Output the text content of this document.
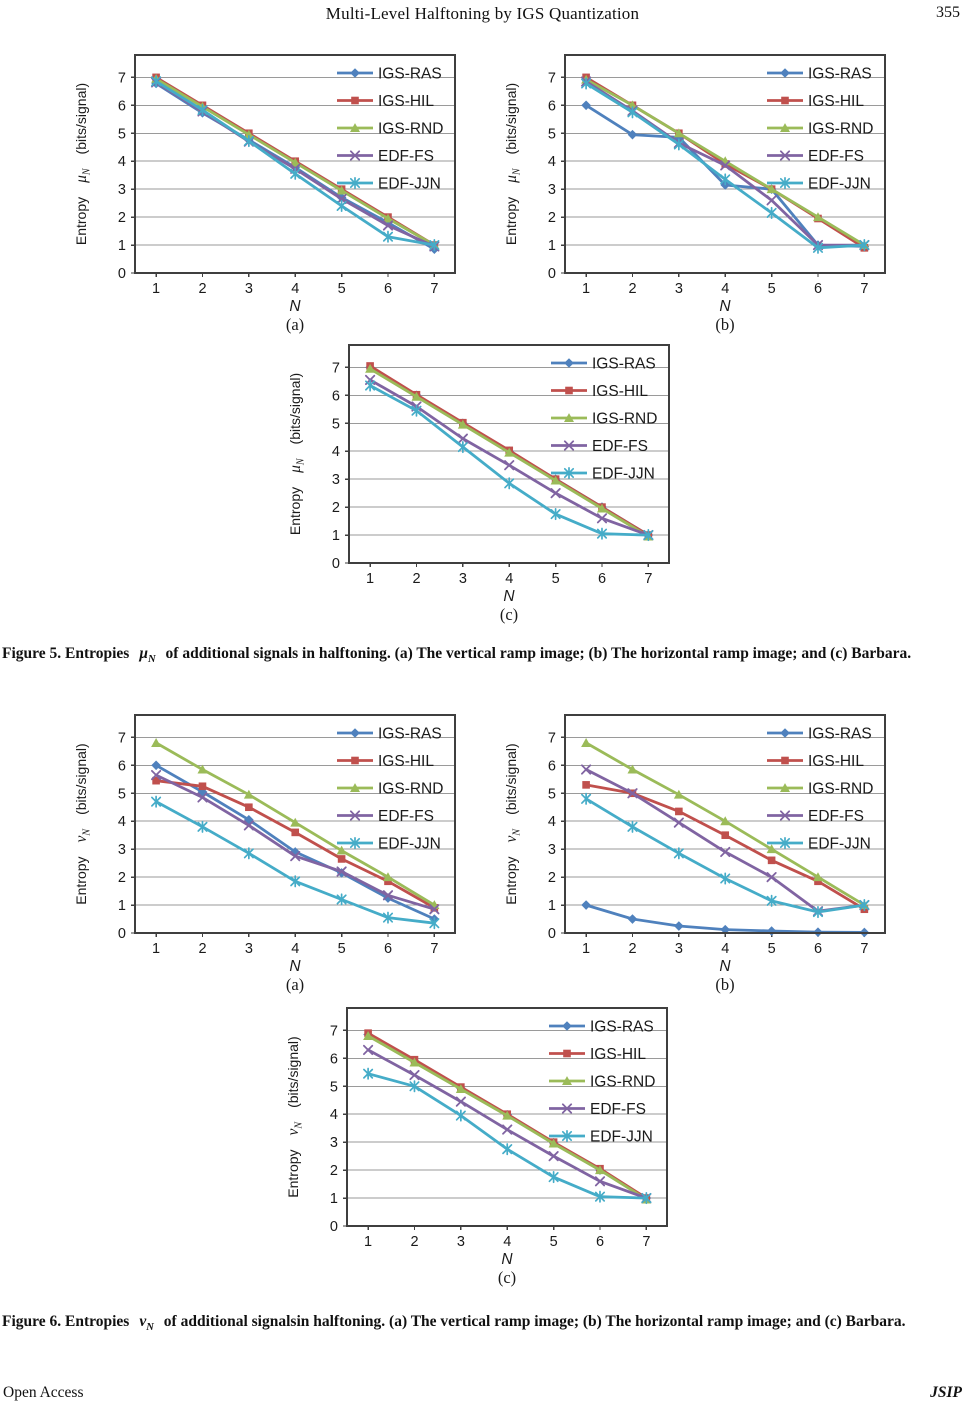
Multi-Level Halftoning by IGS Quantization	355
0
1
2
3
4
5
6
7
1	2	3	4	5	6	7
IGS-RAS
IGS-HIL
IGS-RND
EDF-FS
EDF-JJN
N
Entropy  $\mu_N$  (bits/signal)
(a)
0
1
2
3
4
5
6
7
1	2	3	4	5	6	7
IGS-RAS
IGS-HIL
IGS-RND
EDF-FS
EDF-JJN
N
Entropy  $\mu_N$  (bits/signal)
(b)
0
1
2
3
4
5
6
7
1	2	3	4	5	6	7
IGS-RAS
IGS-HIL
IGS-RND
EDF-FS
EDF-JJN
N
Entropy  $\mu_N$  (bits/signal)
(c)
Figure 5. Entropies $\mu_N$ of additional signals in halftoning. (a) The vertical ramp image; (b) The horizontal ramp image; and (c) Barbara.
0
1
2
3
4
5
6
7
1	2	3	4	5	6	7
IGS-RAS
IGS-HIL
IGS-RND
EDF-FS
EDF-JJN
N
Entropy  $\nu_N$  (bits/signal)
(a)
0
1
2
3
4
5
6
7
1	2	3	4	5	6	7
IGS-RAS
IGS-HIL
IGS-RND
EDF-FS
EDF-JJN
N
Entropy  $\nu_N$  (bits/signal)
(b)
0
1
2
3
4
5
6
7
1	2	3	4	5	6	7
IGS-RAS
IGS-HIL
IGS-RND
EDF-FS
EDF-JJN
N
Entropy  $\nu_N$  (bits/signal)
(c)
Figure 6. Entropies $\nu_N$ of additional signalsin halftoning. (a) The vertical ramp image; (b) The horizontal ramp image; and (c) Barbara.
Open Access	JSIP
